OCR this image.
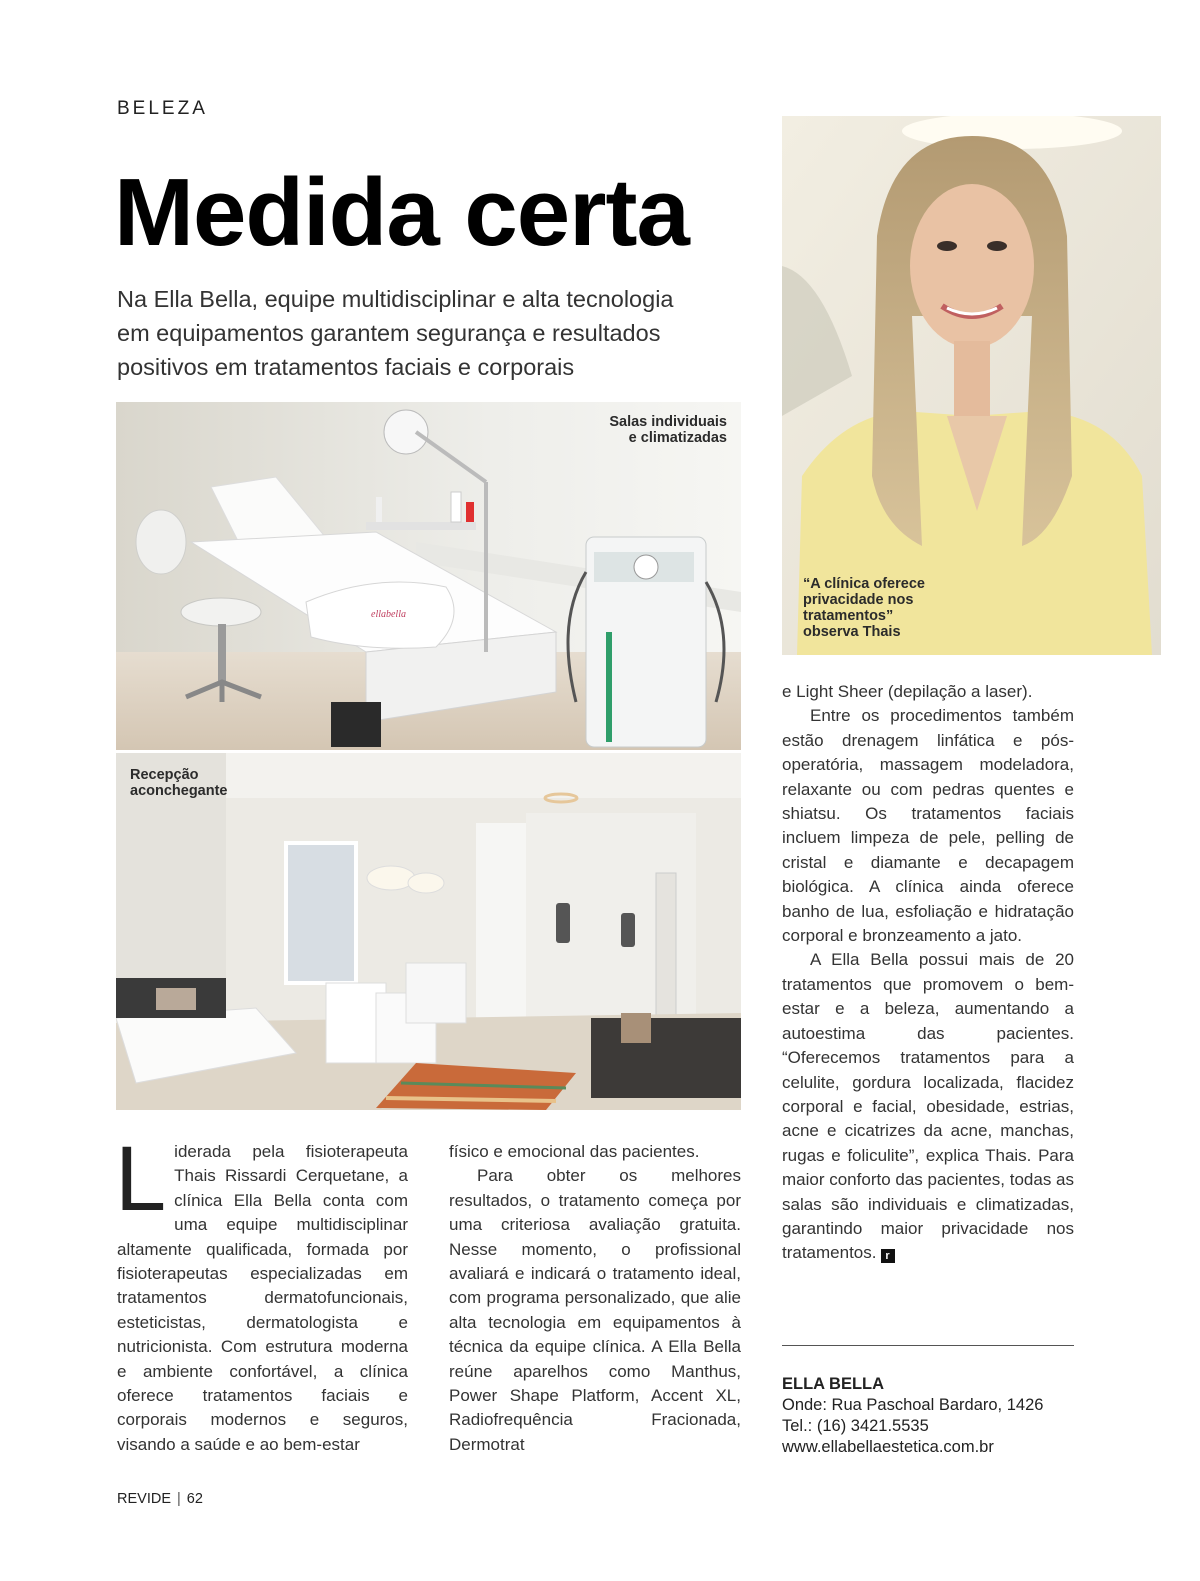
BELEZA
Medida certa
Na Ella Bella, equipe multidisciplinar e alta tecnologia
em equipamentos garantem segurança e resultados
positivos em tratamentos faciais e corporais
ellabella
Salas individuais
e climatizadas
Recepção
aconchegante
“A clínica oferece
privacidade nos
tratamentos”
observa Thais

Liderada pela fisioterapeuta Thais Rissardi Cerquetane, a clínica Ella Bella conta com uma equipe multidisciplinar altamente qualificada, formada por fisioterapeutas especializadas em tratamentos dermatofuncionais, esteticistas, dermatologista e nutricionista. Com estrutura moderna e ambiente confortável, a clínica oferece tratamentos faciais e corporais modernos e seguros, visando a saúde e ao bem-estar

físico e emocional das pacientes.

Para obter os melhores resultados, o tratamento começa por uma criteriosa avaliação gratuita. Nesse momento, o profissional avaliará e indicará o tratamento ideal, com programa personalizado, que alie alta tecnologia em equipamentos à técnica da equipe clínica. A Ella Bella reúne aparelhos como Manthus, Power Shape Platform, Accent XL, Radiofrequência Fracionada, Dermotrat

e Light Sheer (depilação a laser).

Entre os procedimentos também estão drenagem linfática e pós-operatória, massagem modeladora, relaxante ou com pedras quentes e shiatsu. Os tratamentos faciais incluem limpeza de pele, pelling de cristal e diamante e decapagem biológica. A clínica ainda oferece banho de lua, esfoliação e hidratação corporal e bronzeamento a jato.

A Ella Bella possui mais de 20 tratamentos que promovem o bem-estar e a beleza, aumentando a autoestima das pacientes. “Oferecemos tratamentos para a celulite, gordura localizada, flacidez corporal e facial, obesidade, estrias, acne e cicatrizes da acne, manchas, rugas e foliculite”, explica Thais. Para maior conforto das pacientes, todas as salas são individuais e climatizadas, garantindo maior privacidade nos tratamentos. r

ELLA BELLA
Onde: Rua Paschoal Bardaro, 1426
Tel.: (16) 3421.5535
www.ellabellaestetica.com.br
REVIDE | 62
